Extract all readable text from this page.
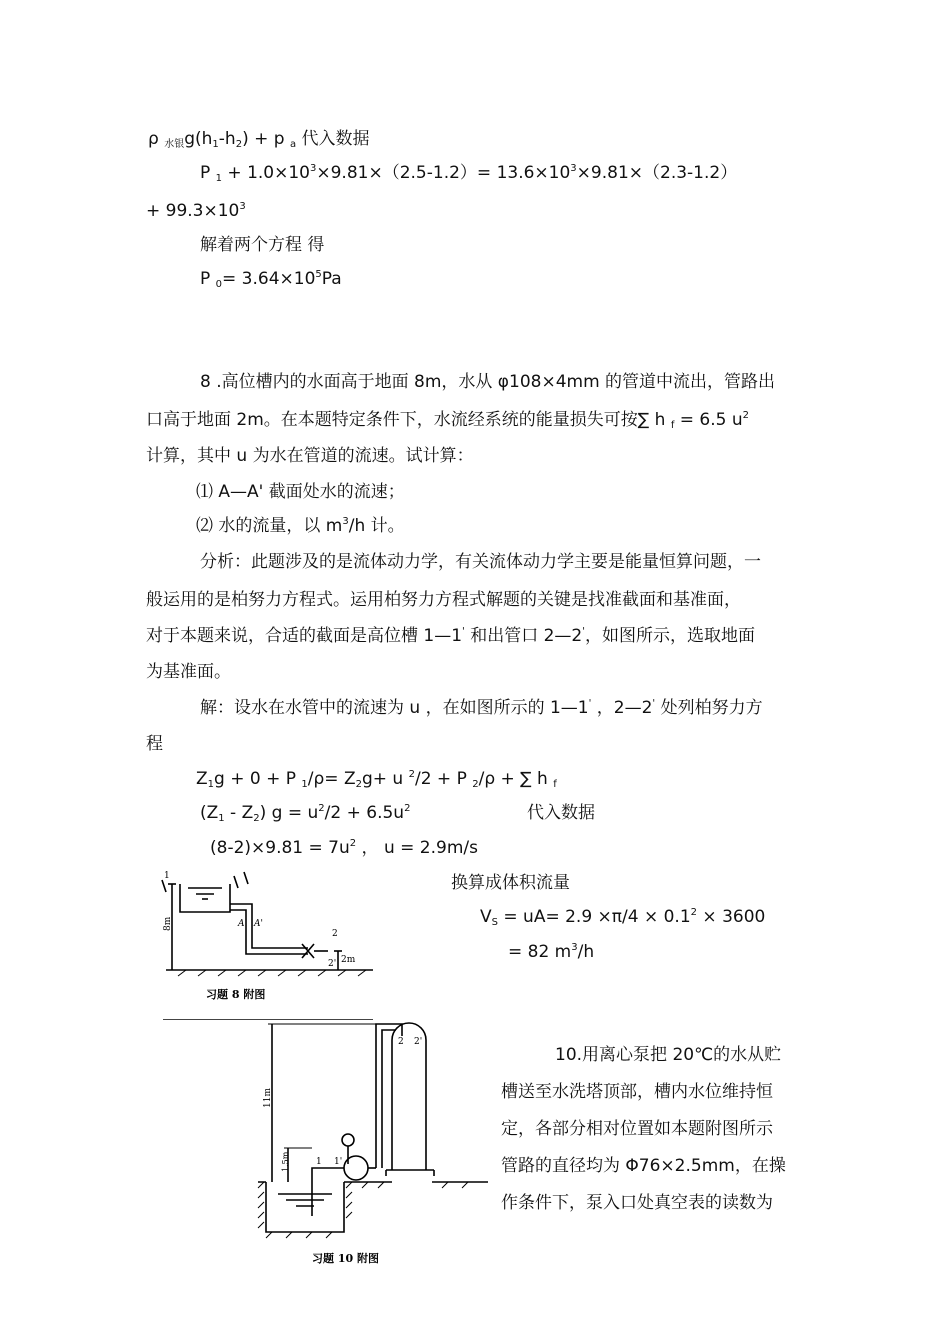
ρ $_{水银}g(h_1-h_2) + p$ $_a$ 代入数据
P $_1 + 1.0\times 10^3\times 9.81\times(2.5-1.2)= 13.6\times 10^3\times 9.81\times(2.3-1.2)$
+ $99.3\times 10^3$
解着两个方程 得
P $_0= 3.64\times 10^5Pa$
8 .高位槽内的水面高于地面 8m，水从 φ108×4mm 的管道中流出，管路出
口高于地面 2m。在本题特定条件下，水流经系统的能量损失可按∑ h $_f$ = 6.5 $u^2$
计算，其中 u 为水在管道的流速。试计算：
⑴ A—A' 截面处水的流速；
⑵ 水的流量，以 $m^3/h$ 计。
分析：此题涉及的是流体动力学，有关流体动力学主要是能量恒算问题，一
般运用的是柏努力方程式。运用柏努力方程式解题的关键是找准截面和基准面，
对于本题来说，合适的截面是高位槽 1—1' 和出管口 2—2'，如图所示，选取地面
为基准面。
解：设水在水管中的流速为 u ，在如图所示的 1—1' ，2—2' 处列柏努力方
程
$Z_1g + 0 + P$ $_1/\rho= Z_2g+ u$ $^2$/2 + P $_2$/ρ + ∑ h $_f$
$(Z_1 - Z_2) g = u^2/2 + 6.5u^2$	代入数据
$(8-2)\times 9.81 = 7u^2$ ， u = 2.9m/s
换算成体积流量
$V_S = uA= 2.9 \times\pi/4 \times 0.1^2 \times 3600$
= 82 $m^3/h$
10.用离心泵把 20℃的水从贮
槽送至水洗塔顶部，槽内水位维持恒
定，各部分相对位置如本题附图所示
管路的直径均为 Φ76×2.5mm，在操
作条件下，泵入口处真空表的读数为
A A'
8m
2m
2
2'
1
习题 8 附图
11m
1.5m	1 1'
2 2'
习题 10 附图
